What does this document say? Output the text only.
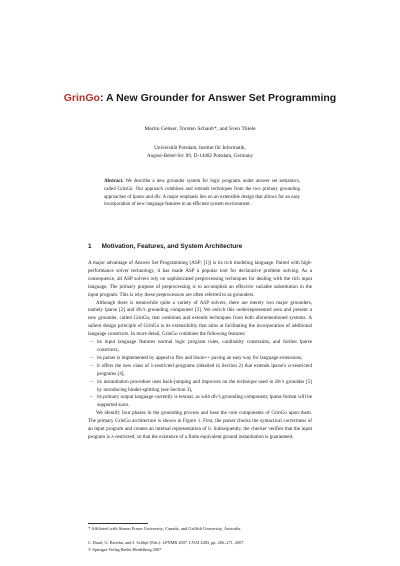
GrinGo: A New Grounder for Answer Set Programming
Martin Gebser, Torsten Schaub*, and Sven Thiele
Universität Potsdam, Institut für Informatik,
August-Bebel-Str. 89, D-14482 Potsdam, Germany
Abstract. We describe a new grounder system for logic programs under answer set semantics, called GrinGo. Our approach combines and extends techniques from the two primary grounding approaches of lparse and dlv. A major emphasis lies on an extensible design that allows for an easy incorporation of new language features in an efficient system environment.
1 Motivation, Features, and System Architecture

A major advantage of Answer Set Programming (ASP; [1]) is its rich modeling language. Paired with high-performance solver technology, it has made ASP a popular tool for declarative problem solving. As a consequence, all ASP solvers rely on sophisticated preprocessing techniques for dealing with the rich input language. The primary purpose of preprocessing is to accomplish an effective variable substitution in the input program. This is why these preprocessors are often referred to as grounders.

Although there is meanwhile quite a variety of ASP solvers, there are merely two major grounders, namely lparse [2] and dlv's grounding component [3]. We enrich this underrepresented area and present a new grounder, called GrinGo, that combines and extends techniques from both aforementioned systems. A salient design principle of GrinGo is its extensibility that aims at facilitating the incorporation of additional language constructs. In more detail, GrinGo combines the following features:

– its input language features normal logic program rules, cardinality constraints, and further lparse constructs,
– its parser is implemented by appeal to flex and bison++ paving an easy way for language extensions,
– it offers the new class of λ-restricted programs (detailed in Section 2) that extends lparse's ω-restricted programs [4],
– its instantiation procedure uses back-jumping and improves on the technique used in dlv's grounder [5] by introducing binder-splitting (see Section 3),
– its primary output language currently is textual, as with dlv's grounding component; lparse format will be supported soon.

We identify four phases in the grounding process and base the core components of GrinGo upon them. The primary GrinGo architecture is shown in Figure 1. First, the parser checks the syntactical correctness of an input program and creates an internal representation of it. Subsequently, the checker verifies that the input program is λ-restricted, so that the existence of a finite equivalent ground instantiation is guaranteed.

* Affiliated with Simon Fraser University, Canada, and Griffith University, Australia.
C. Baral, G. Brewka, and J. Schlipf (Eds.): LPNMR 2007, LNAI 4483, pp. 266–271, 2007.
© Springer-Verlag Berlin Heidelberg 2007
